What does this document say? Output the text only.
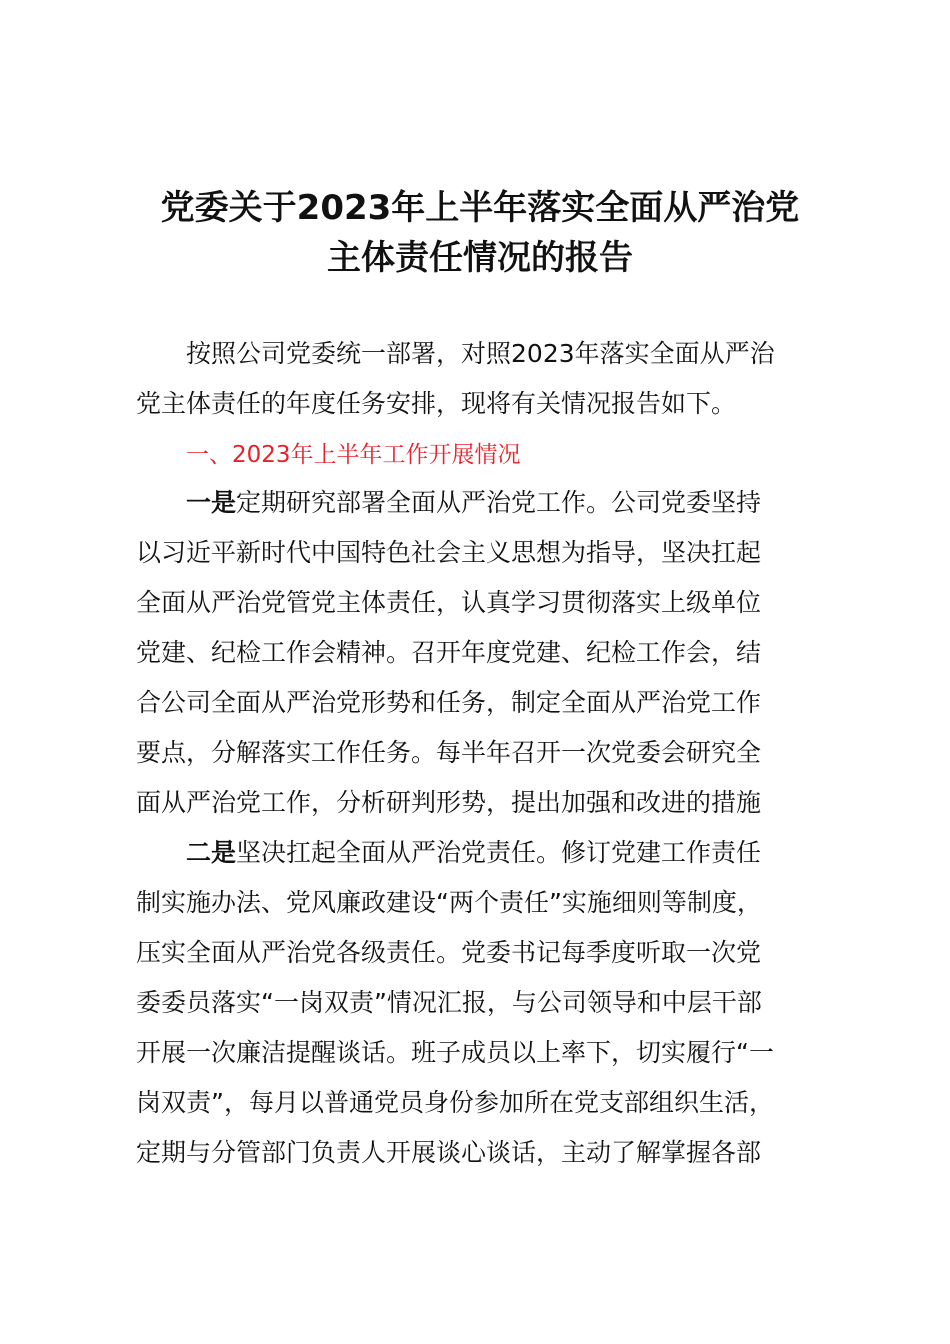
党委关于2023年上半年落实全面从严治党
主体责任情况的报告
按照公司党委统一部署，对照2023年落实全面从严治
党主体责任的年度任务安排，现将有关情况报告如下。
一、2023年上半年工作开展情况
一是定期研究部署全面从严治党工作。公司党委坚持
以习近平新时代中国特色社会主义思想为指导，坚决扛起
全面从严治党管党主体责任，认真学习贯彻落实上级单位
党建、纪检工作会精神。召开年度党建、纪检工作会，结
合公司全面从严治党形势和任务，制定全面从严治党工作
要点，分解落实工作任务。每半年召开一次党委会研究全
面从严治党工作，分析研判形势，提出加强和改进的措施
二是坚决扛起全面从严治党责任。修订党建工作责任
制实施办法、党风廉政建设“两个责任”实施细则等制度，
压实全面从严治党各级责任。党委书记每季度听取一次党
委委员落实“一岗双责”情况汇报，与公司领导和中层干部
开展一次廉洁提醒谈话。班子成员以上率下，切实履行“一
岗双责”，每月以普通党员身份参加所在党支部组织生活，
定期与分管部门负责人开展谈心谈话，主动了解掌握各部
